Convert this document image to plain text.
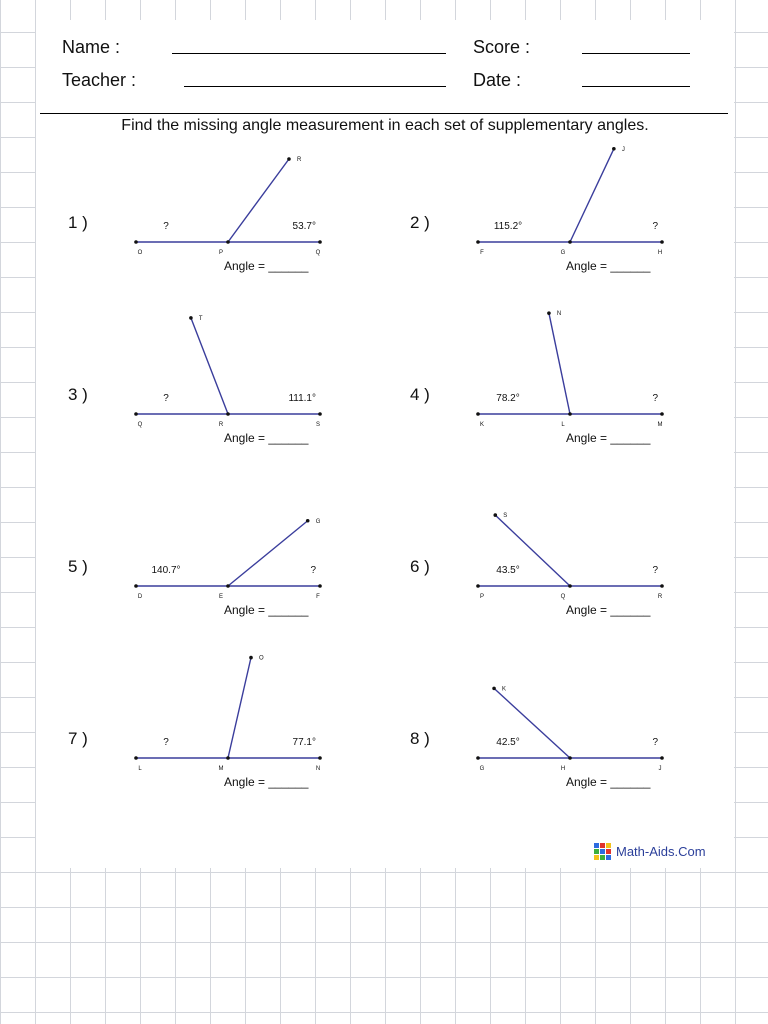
Name :	Score :
Teacher :	Date :
Find the missing angle measurement in each set of supplementary angles.
1 )
O	P	Q
R
?	53.7°
Angle = ______
2 )
F	G	H
J
115.2°	?
Angle = ______
3 )
Q	R	S
T
?	111.1°
Angle = ______
4 )
K	L	M
N
78.2°	?
Angle = ______
5 )
D	E	F
G
140.7°	?
Angle = ______
6 )
P	Q	R
S
43.5°	?
Angle = ______
7 )
L	M	N
O
?	77.1°
Angle = ______
8 )
G	H	J
K
42.5°	?
Angle = ______
Math-Aids.Com
